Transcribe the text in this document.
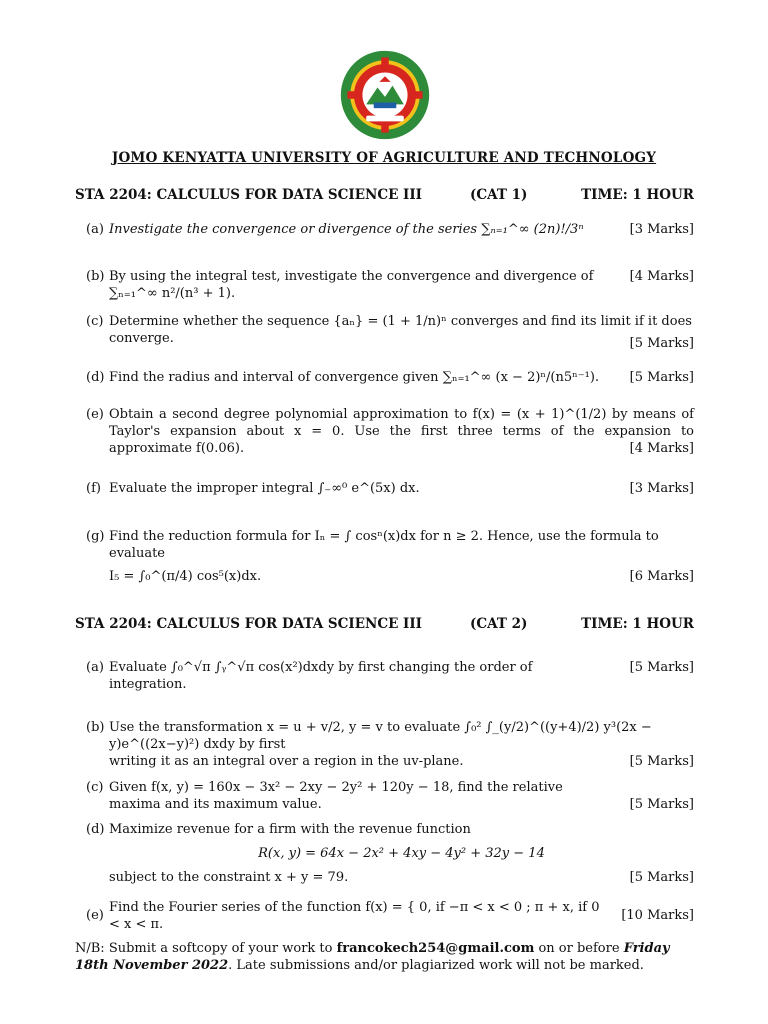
JOMO KENYATTA UNIVERSITY OF AGRICULTURE AND TECHNOLOGY
STA 2204: CALCULUS FOR DATA SCIENCE III	(CAT 1)	TIME: 1 HOUR
(a) Investigate the convergence or divergence of the series ∑ₙ₌₁^∞ (2n)!/3ⁿ	[3 Marks]
(b) By using the integral test, investigate the convergence and divergence of ∑ₙ₌₁^∞ n²/(n³ + 1).
[4 Marks]
(c) Determine whether the sequence {aₙ} = (1 + 1/n)ⁿ converges and find its limit if it does converge.	[5 Marks]
(d) Find the radius and interval of convergence given ∑ₙ₌₁^∞ (x − 2)ⁿ/(n5ⁿ⁻¹).	[5 Marks]
(e) Obtain a second degree polynomial approximation to f(x) = (x + 1)^(1/2) by means of Taylor's expansion about x = 0. Use the first three terms of the expansion to approximate f(0.06).	[4 Marks]
(f) Evaluate the improper integral ∫₋∞⁰ e^(5x) dx.	[3 Marks]
(g) Find the reduction formula for Iₙ = ∫ cosⁿ(x)dx for n ≥ 2. Hence, use the formula to evaluate
I₅ = ∫₀^(π/4) cos⁵(x)dx.	[6 Marks]
STA 2204: CALCULUS FOR DATA SCIENCE III	(CAT 2)	TIME: 1 HOUR
(a) Evaluate ∫₀^√π ∫ᵧ^√π cos(x²)dxdy by first changing the order of integration.
[5 Marks]
(b) Use the transformation x = u + v/2, y = v to evaluate ∫₀² ∫_(y/2)^((y+4)/2) y³(2x − y)e^((2x−y)²) dxdy by first
writing it as an integral over a region in the uv-plane.	[5 Marks]
(c) Given f(x, y) = 160x − 3x² − 2xy − 2y² + 120y − 18, find the relative maxima and its maximum value.	[5 Marks]
(d) Maximize revenue for a firm with the revenue function
R(x, y) = 64x − 2x² + 4xy − 4y² + 32y − 14
subject to the constraint x + y = 79.	[5 Marks]
(e)
Find the Fourier series of the function f(x) = { 0, if −π < x < 0 ; π + x, if 0 < x < π.
[10 Marks]
N/B: Submit a softcopy of your work to francokech254@gmail.com on or before Friday 18th November 2022. Late submissions and/or plagiarized work will not be marked.
